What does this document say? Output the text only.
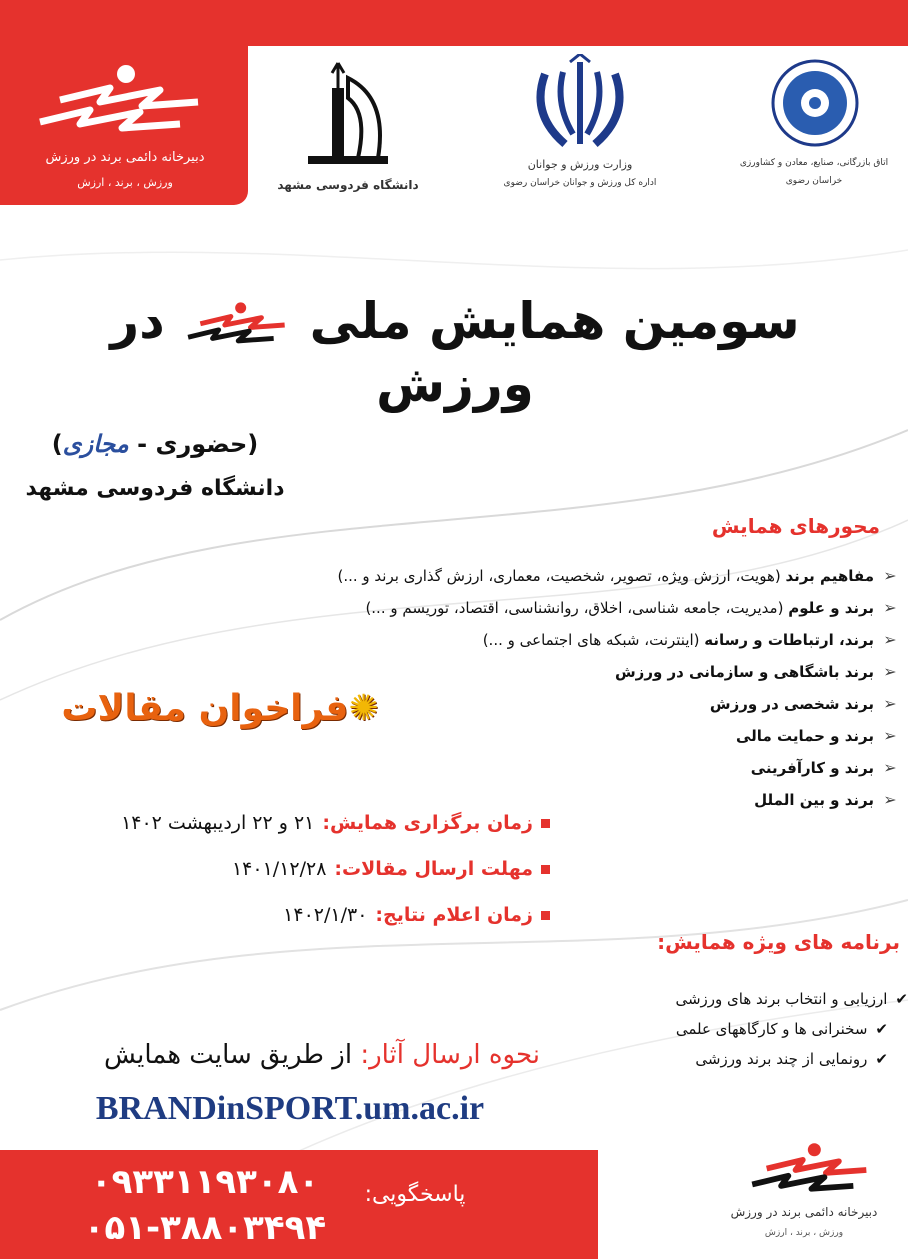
دبیرخانه دائمی برند در ورزش
ورزش ، برند ، ارزش	دانشگاه فردوسی مشهد
وزارت ورزش و جوانان
اداره کل ورزش و جوانان خراسان رضوی
اتاق بازرگانی، صنایع، معادن و کشاورزی
خراسان رضوی
سومین همایش ملی  در ورزش
(حضوری - مجازی)
دانشگاه فردوسی مشهد
محورهای همایش
➢
مفاهیم برند (هویت، ارزش ویژه، تصویر، شخصیت، معماری، ارزش گذاری برند و ...)
➢
برند و علوم (مدیریت، جامعه شناسی، اخلاق، روانشناسی، اقتصاد، توریسم و ...)
➢
برند، ارتباطات و رسانه (اینترنت، شبکه های اجتماعی و ...)
➢
برند باشگاهی و سازمانی در ورزش
➢
برند شخصی در ورزش
➢
برند و حمایت مالی
➢
برند و کارآفرینی
➢
برند و بین الملل
✺فراخوان مقالات
زمان برگزاری همایش:
۲۱ و ۲۲ اردیبهشت ۱۴۰۲
مهلت ارسال مقالات:
۱۴۰۱/۱۲/۲۸
زمان اعلام نتایج:
۱۴۰۲/۱/۳۰
برنامه های ویژه همایش:
✔
ارزیابی و انتخاب برند های ورزشی
✔
سخنرانی ها و کارگاههای علمی
✔
رونمایی از چند برند ورزشی
نحوه ارسال آثار: از طریق سایت همایش
BRANDinSPORT.um.ac.ir
۰۹۳۳۱۱۹۳۰۸۰
۰۵۱-۳۸۸۰۳۴۹۴
پاسخگویی:
دبیرخانه دائمی برند در ورزش
ورزش ، برند ، ارزش
